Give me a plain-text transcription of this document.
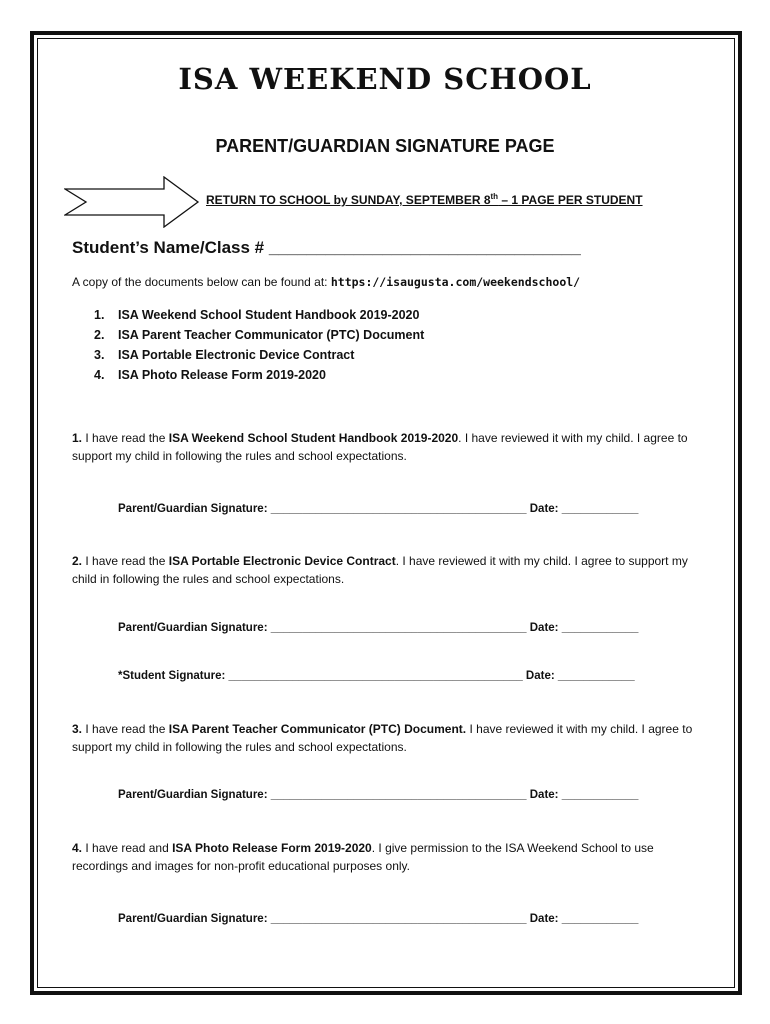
ISA WEEKEND SCHOOL
PARENT/GUARDIAN SIGNATURE PAGE
RETURN TO SCHOOL by SUNDAY, SEPTEMBER 8th – 1 PAGE PER STUDENT
Student’s Name/Class # _________________________________
A copy of the documents below can be found at: https://isaugusta.com/weekendschool/
1. ISA Weekend School Student Handbook 2019-2020
2. ISA Parent Teacher Communicator (PTC) Document
3. ISA Portable Electronic Device Contract
4. ISA Photo Release Form 2019-2020
1. I have read the ISA Weekend School Student Handbook 2019-2020. I have reviewed it with my child. I agree to support my child in following the rules and school expectations.
Parent/Guardian Signature: ________________________________________ Date: ____________
2. I have read the ISA Portable Electronic Device Contract. I have reviewed it with my child. I agree to support my child in following the rules and school expectations.
Parent/Guardian Signature: ________________________________________ Date: ____________
*Student Signature: ______________________________________________ Date: ____________
3. I have read the ISA Parent Teacher Communicator (PTC) Document. I have reviewed it with my child. I agree to support my child in following the rules and school expectations.
Parent/Guardian Signature: ________________________________________ Date: ____________
4. I have read and ISA Photo Release Form 2019-2020. I give permission to the ISA Weekend School to use recordings and images for non-profit educational purposes only.
Parent/Guardian Signature: ________________________________________ Date: ____________
